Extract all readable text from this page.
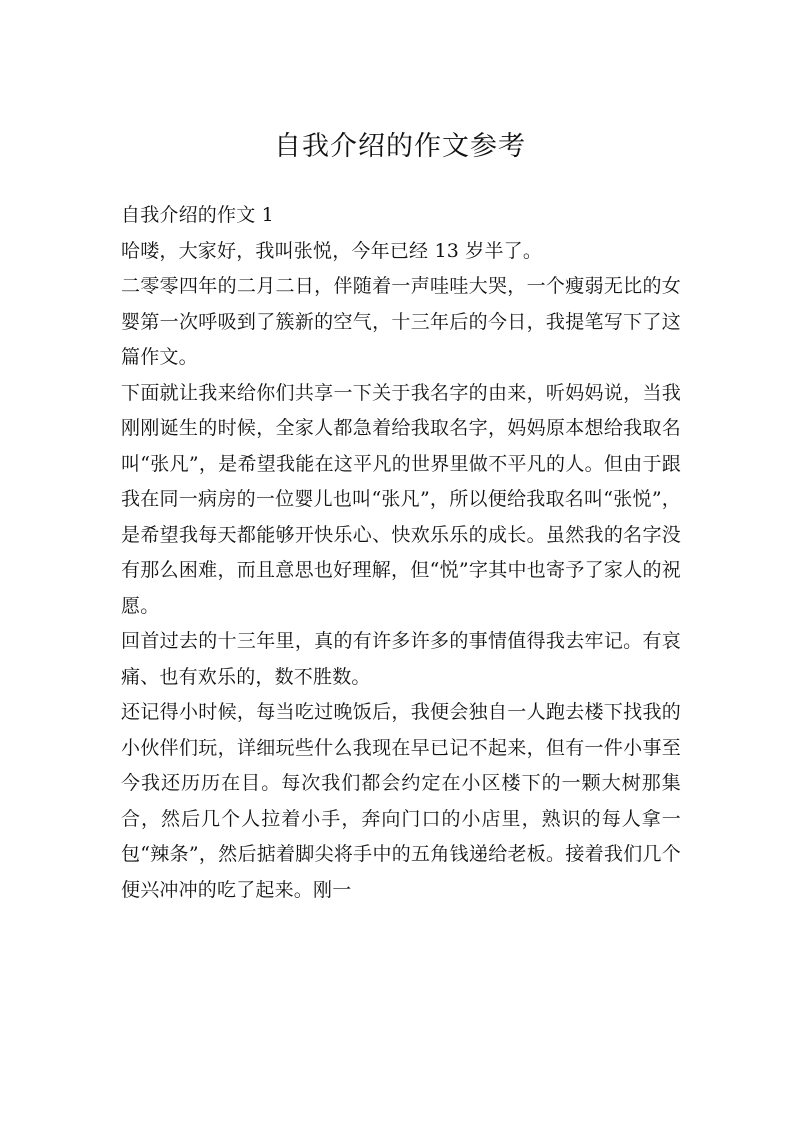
自我介绍的作文参考

自我介绍的作文 1

哈喽，大家好，我叫张悦，今年已经 13 岁半了。

二零零四年的二月二日，伴随着一声哇哇大哭，一个瘦弱无比的女婴第一次呼吸到了簇新的空气，十三年后的今日，我提笔写下了这篇作文。

下面就让我来给你们共享一下关于我名字的由来，听妈妈说，当我刚刚诞生的时候，全家人都急着给我取名字，妈妈原本想给我取名叫“张凡”，是希望我能在这平凡的世界里做不平凡的人。但由于跟我在同一病房的一位婴儿也叫“张凡”，所以便给我取名叫“张悦”，是希望我每天都能够开快乐心、快欢乐乐的成长。虽然我的名字没有那么困难，而且意思也好理解，但“悦”字其中也寄予了家人的祝愿。

回首过去的十三年里，真的有许多许多的事情值得我去牢记。有哀痛、也有欢乐的，数不胜数。

还记得小时候，每当吃过晚饭后，我便会独自一人跑去楼下找我的小伙伴们玩，详细玩些什么我现在早已记不起来，但有一件小事至今我还历历在目。每次我们都会约定在小区楼下的一颗大树那集合，然后几个人拉着小手，奔向门口的小店里，熟识的每人拿一包“辣条”，然后掂着脚尖将手中的五角钱递给老板。接着我们几个便兴冲冲的吃了起来。刚一
